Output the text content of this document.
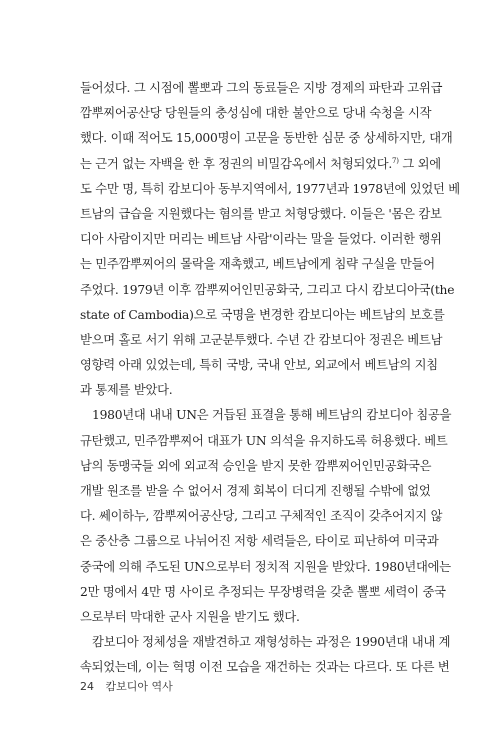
들어섰다. 그 시점에 뽈뽀과 그의 동료들은 지방 경제의 파탄과 고위급
깜뿌찌어공산당 당원들의 충성심에 대한 불안으로 당내 숙청을 시작
했다. 이때 적어도 15,000명이 고문을 동반한 심문 중 상세하지만, 대개
는 근거 없는 자백을 한 후 정권의 비밀감옥에서 처형되었다.$^{7)}$ 그 외에
도 수만 명, 특히 캄보디아 동부지역에서, 1977년과 1978년에 있었던 베
트남의 급습을 지원했다는 혐의를 받고 처형당했다. 이들은 '몸은 캄보
디아 사람이지만 머리는 베트남 사람'이라는 말을 들었다. 이러한 행위
는 민주깜뿌찌어의 몰락을 재촉했고, 베트남에게 침략 구실을 만들어
주었다. 1979년 이후 깜뿌찌어인민공화국, 그리고 다시 캄보디아국(the
state of Cambodia)으로 국명을 변경한 캄보디아는 베트남의 보호를
받으며 홀로 서기 위해 고군분투했다. 수년 간 캄보디아 정권은 베트남
영향력 아래 있었는데, 특히 국방, 국내 안보, 외교에서 베트남의 지침
과 통제를 받았다.
1980년대 내내 UN은 거듭된 표결을 통해 베트남의 캄보디아 침공을
규탄했고, 민주깜뿌찌어 대표가 UN 의석을 유지하도록 허용했다. 베트
남의 동맹국들 외에 외교적 승인을 받지 못한 깜뿌찌어인민공화국은
개발 원조를 받을 수 없어서 경제 회복이 더디게 진행될 수밖에 없었
다. 쎄이하누, 깜뿌찌어공산당, 그리고 구체적인 조직이 갖추어지지 않
은 중산층 그룹으로 나뉘어진 저항 세력들은, 타이로 피난하여 미국과
중국에 의해 주도된 UN으로부터 정치적 지원을 받았다. 1980년대에는
2만 명에서 4만 명 사이로 추정되는 무장병력을 갖춘 뽈뽀 세력이 중국
으로부터 막대한 군사 지원을 받기도 했다.
캄보디아 정체성을 재발견하고 재형성하는 과정은 1990년대 내내 계
속되었는데, 이는 혁명 이전 모습을 재건하는 것과는 다르다. 또 다른 변
24 캄보디아 역사
